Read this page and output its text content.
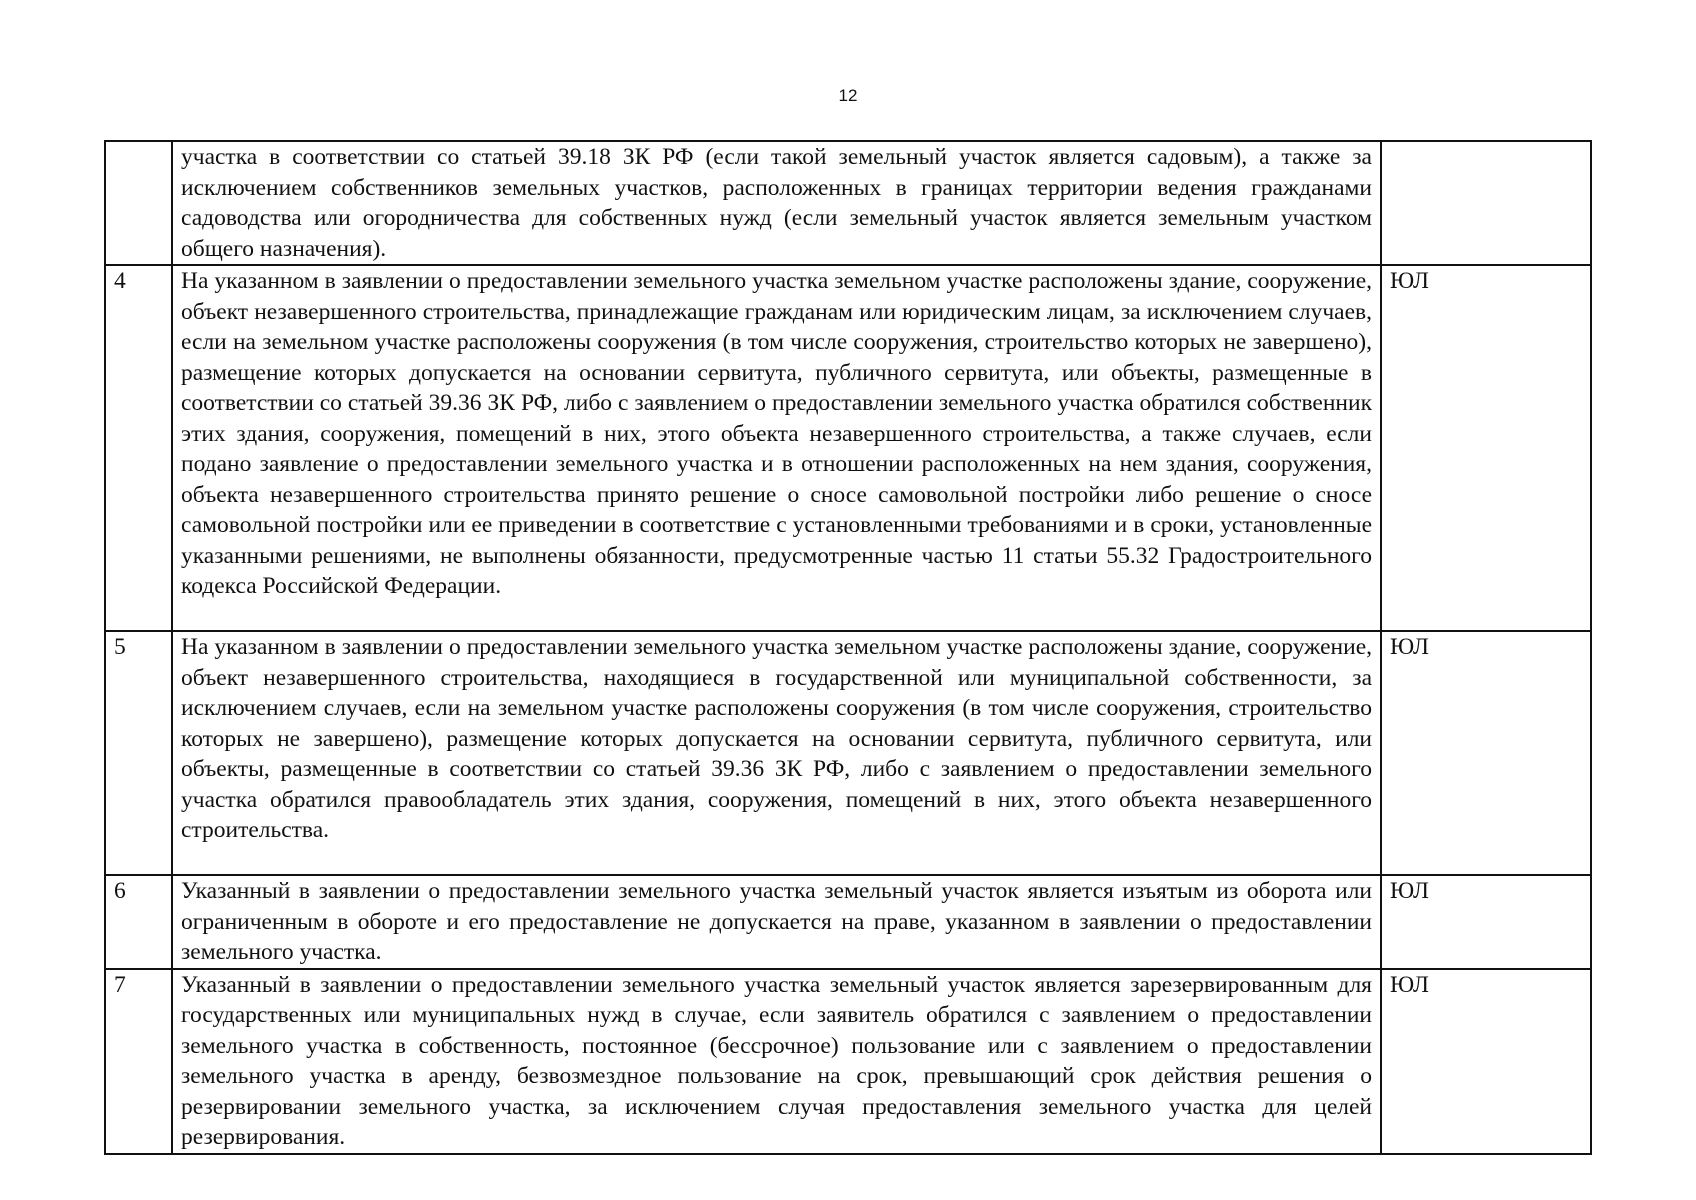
12
	участка в соответствии со статьей 39.18 ЗК РФ (если такой земельный участок является садовым), а также за исключением собственников земельных участков, расположенных в границах территории ведения гражданами садоводства или огородничества для собственных нужд (если земельный участок является земельным участком общего назначения).	
4	На указанном в заявлении о предоставлении земельного участка земельном участке расположены здание, сооружение, объект незавершенного строительства, принадлежащие гражданам или юридическим лицам, за исключением случаев, если на земельном участке расположены сооружения (в том числе сооружения, строительство которых не завершено), размещение которых допускается на основании сервитута, публичного сервитута, или объекты, размещенные в соответствии со статьей 39.36 ЗК РФ, либо с заявлением о предоставлении земельного участка обратился собственник этих здания, сооружения, помещений в них, этого объекта незавершенного строительства, а также случаев, если подано заявление о предоставлении земельного участка и в отношении расположенных на нем здания, сооружения, объекта незавершенного строительства принято решение о сносе самовольной постройки либо решение о сносе самовольной постройки или ее приведении в соответствие с установленными требованиями и в сроки, установленные указанными решениями, не выполнены обязанности, предусмотренные частью 11 статьи 55.32 Градостроительного кодекса Российской Федерации.	ЮЛ
5	На указанном в заявлении о предоставлении земельного участка земельном участке расположены здание, сооружение, объект незавершенного строительства, находящиеся в государственной или муниципальной собственности, за исключением случаев, если на земельном участке расположены сооружения (в том числе сооружения, строительство которых не завершено), размещение которых допускается на основании сервитута, публичного сервитута, или объекты, размещенные в соответствии со статьей 39.36 ЗК РФ, либо с заявлением о предоставлении земельного участка обратился правообладатель этих здания, сооружения, помещений в них, этого объекта незавершенного строительства.	ЮЛ
6	Указанный в заявлении о предоставлении земельного участка земельный участок является изъятым из оборота или ограниченным в обороте и его предоставление не допускается на праве, указанном в заявлении о предоставлении земельного участка.	ЮЛ
7	Указанный в заявлении о предоставлении земельного участка земельный участок является зарезервированным для государственных или муниципальных нужд в случае, если заявитель обратился с заявлением о предоставлении земельного участка в собственность, постоянное (бессрочное) пользование или с заявлением о предоставлении земельного участка в аренду, безвозмездное пользование на срок, превышающий срок действия решения о резервировании земельного участка, за исключением случая предоставления земельного участка для целей резервирования.	ЮЛ
